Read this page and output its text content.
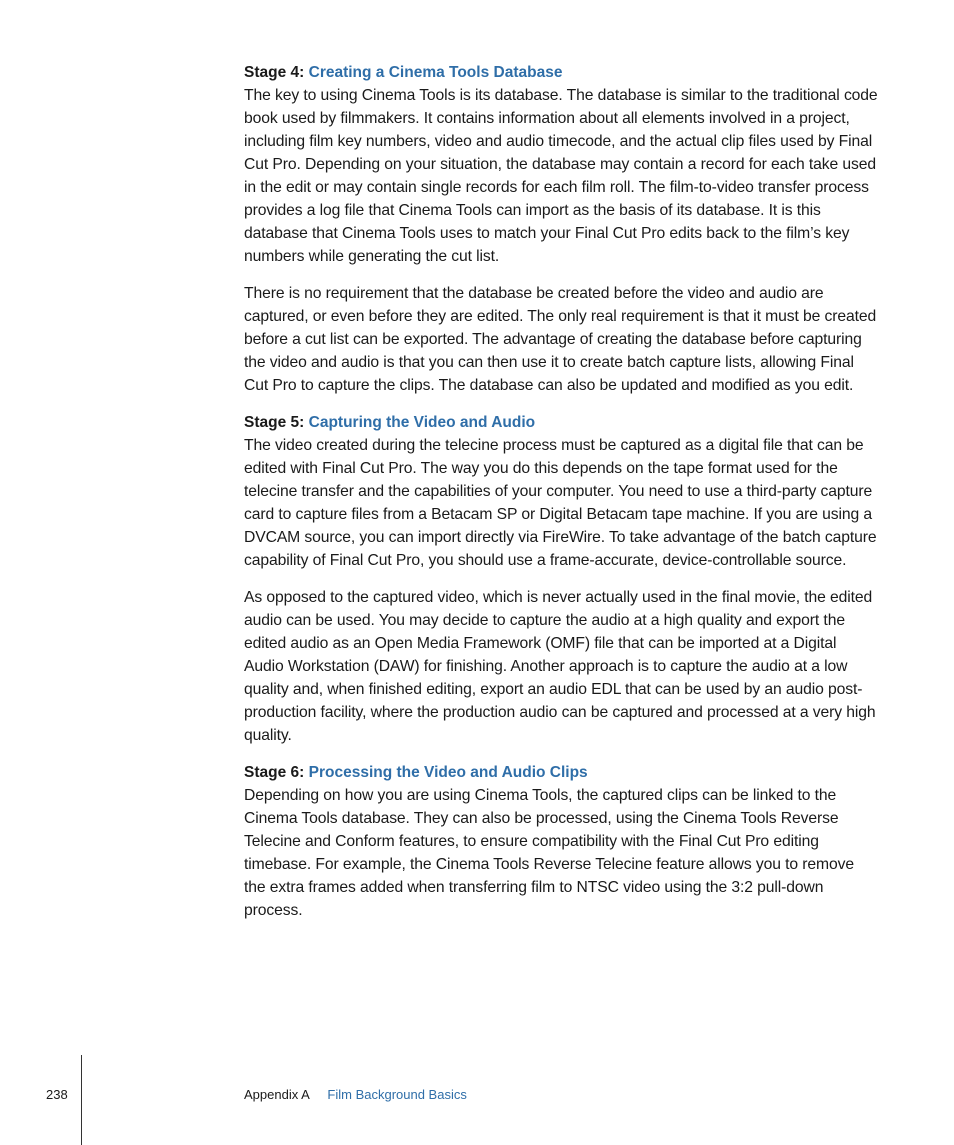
Stage 4: Creating a Cinema Tools Database

The key to using Cinema Tools is its database. The database is similar to the traditional code book used by filmmakers. It contains information about all elements involved in a project, including film key numbers, video and audio timecode, and the actual clip files used by Final Cut Pro. Depending on your situation, the database may contain a record for each take used in the edit or may contain single records for each film roll. The film-to-video transfer process provides a log file that Cinema Tools can import as the basis of its database. It is this database that Cinema Tools uses to match your Final Cut Pro edits back to the film’s key numbers while generating the cut list.

There is no requirement that the database be created before the video and audio are captured, or even before they are edited. The only real requirement is that it must be created before a cut list can be exported. The advantage of creating the database before capturing the video and audio is that you can then use it to create batch capture lists, allowing Final Cut Pro to capture the clips. The database can also be updated and modified as you edit.

Stage 5: Capturing the Video and Audio

The video created during the telecine process must be captured as a digital file that can be edited with Final Cut Pro. The way you do this depends on the tape format used for the telecine transfer and the capabilities of your computer. You need to use a third-party capture card to capture files from a Betacam SP or Digital Betacam tape machine. If you are using a DVCAM source, you can import directly via FireWire. To take advantage of the batch capture capability of Final Cut Pro, you should use a frame-accurate, device-controllable source.

As opposed to the captured video, which is never actually used in the final movie, the edited audio can be used. You may decide to capture the audio at a high quality and export the edited audio as an Open Media Framework (OMF) file that can be imported at a Digital Audio Workstation (DAW) for finishing. Another approach is to capture the audio at a low quality and, when finished editing, export an audio EDL that can be used by an audio post-production facility, where the production audio can be captured and processed at a very high quality.

Stage 6: Processing the Video and Audio Clips

Depending on how you are using Cinema Tools, the captured clips can be linked to the Cinema Tools database. They can also be processed, using the Cinema Tools Reverse Telecine and Conform features, to ensure compatibility with the Final Cut Pro editing timebase. For example, the Cinema Tools Reverse Telecine feature allows you to remove the extra frames added when transferring film to NTSC video using the 3:2 pull-down process.

238	Appendix A Film Background Basics
